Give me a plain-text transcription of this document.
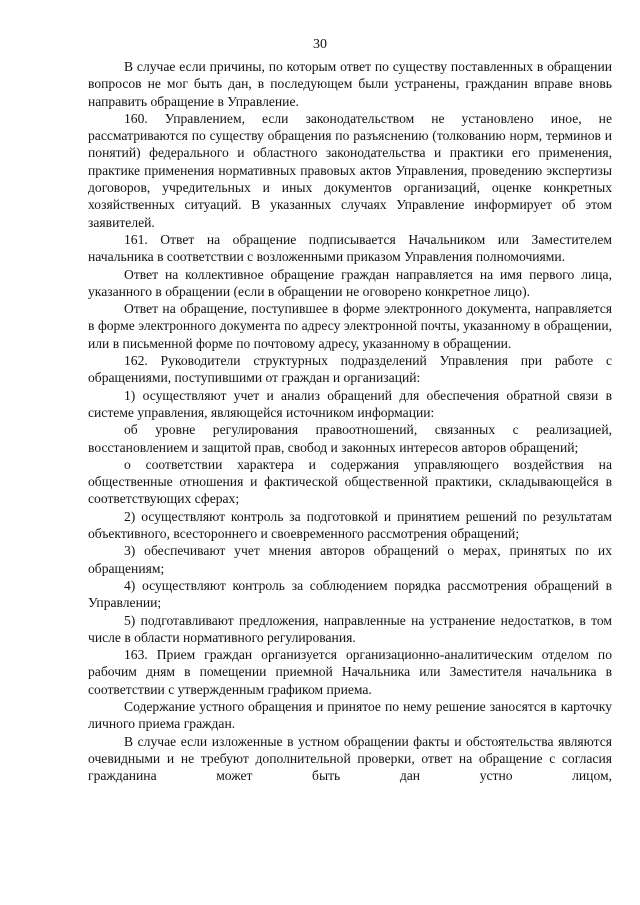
30

В случае если причины, по которым ответ по существу поставленных в обращении вопросов не мог быть дан, в последующем были устранены, гражданин вправе вновь направить обращение в Управление.

160. Управлением, если законодательством не установлено иное, не рассматриваются по существу обращения по разъяснению (толкованию норм, терминов и понятий) федерального и областного законодательства и практики его применения, практике применения нормативных правовых актов Управления, проведению экспертизы договоров, учредительных и иных документов организаций, оценке конкретных хозяйственных ситуаций. В указанных случаях Управление информирует об этом заявителей.

161. Ответ на обращение подписывается Начальником или Заместителем начальника в соответствии с возложенными приказом Управления полномочиями.

Ответ на коллективное обращение граждан направляется на имя первого лица, указанного в обращении (если в обращении не оговорено конкретное лицо).

Ответ на обращение, поступившее в форме электронного документа, направляется в форме электронного документа по адресу электронной почты, указанному в обращении, или в письменной форме по почтовому адресу, указанному в обращении.

162. Руководители структурных подразделений Управления при работе с обращениями, поступившими от граждан и организаций:

1) осуществляют учет и анализ обращений для обеспечения обратной связи в системе управления, являющейся источником информации:

об уровне регулирования правоотношений, связанных с реализацией, восстановлением и защитой прав, свобод и законных интересов авторов обращений;

о соответствии характера и содержания управляющего воздействия на общественные отношения и фактической общественной практики, складывающейся в соответствующих сферах;

2) осуществляют контроль за подготовкой и принятием решений по результатам объективного, всестороннего и своевременного рассмотрения обращений;

3) обеспечивают учет мнения авторов обращений о мерах, принятых по их обращениям;

4) осуществляют контроль за соблюдением порядка рассмотрения обращений в Управлении;

5) подготавливают предложения, направленные на устранение недостатков, в том числе в области нормативного регулирования.

163. Прием граждан организуется организационно-аналитическим отделом по рабочим дням в помещении приемной Начальника или Заместителя начальника в соответствии с утвержденным графиком приема.

Содержание устного обращения и принятое по нему решение заносятся в карточку личного приема граждан.

В случае если изложенные в устном обращении факты и обстоятельства являются очевидными и не требуют дополнительной проверки, ответ на обращение с согласия гражданина может быть дан устно лицом,
